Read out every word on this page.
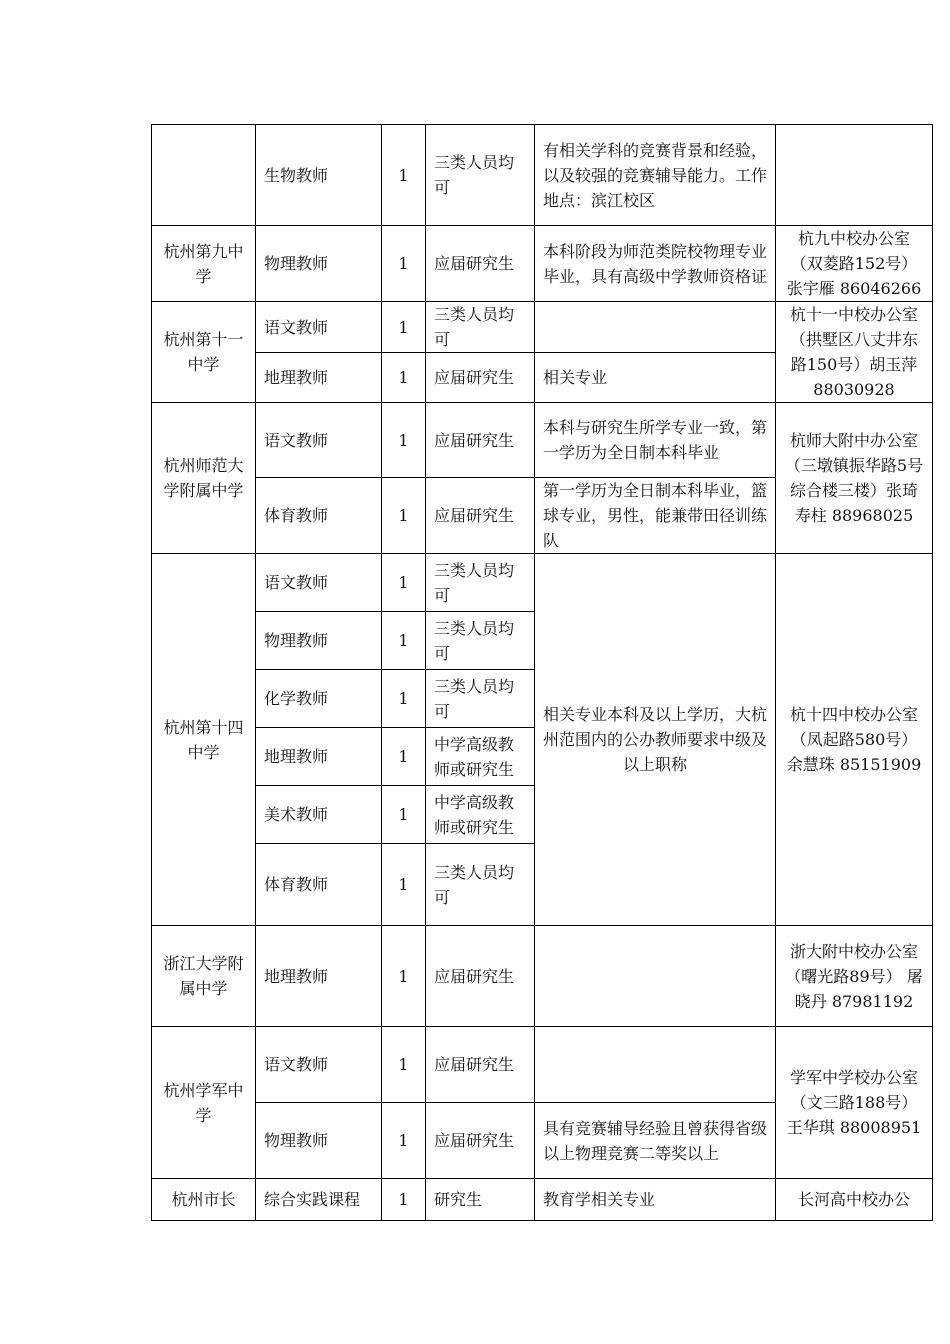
	生物教师	1	三类人员均可	有相关学科的竞赛背景和经验，以及较强的竞赛辅导能力。工作地点：滨江校区	
杭州第九中学	物理教师	1	应届研究生	本科阶段为师范类院校物理专业毕业，具有高级中学教师资格证	杭九中校办公室（双菱路152号）张宇雁 86046266
杭州第十一中学	语文教师	1	三类人员均可		杭十一中校办公室（拱墅区八丈井东路150号）胡玉萍 88030928
	地理教师	1	应届研究生	相关专业	
杭州师范大学附属中学	语文教师	1	应届研究生	本科与研究生所学专业一致，第一学历为全日制本科毕业	杭师大附中办公室（三墩镇振华路5号综合楼三楼）张琦 寿柱 88968025
	体育教师	1	应届研究生	第一学历为全日制本科毕业，篮球专业，男性，能兼带田径训练队	
杭州第十四中学	语文教师	1	三类人员均可	相关专业本科及以上学历，大杭州范围内的公办教师要求中级及以上职称	杭十四中校办公室（凤起路580号） 余慧珠 85151909
	物理教师	1	三类人员均可		
	化学教师	1	三类人员均可		
	地理教师	1	中学高级教师或研究生		
	美术教师	1	中学高级教师或研究生		
	体育教师	1	三类人员均可		
浙江大学附属中学	地理教师	1	应届研究生		浙大附中校办公室（曙光路89号） 屠晓丹 87981192
杭州学军中学	语文教师	1	应届研究生		学军中学校办公室（文三路188号） 王华琪 88008951
	物理教师	1	应届研究生	具有竞赛辅导经验且曾获得省级以上物理竞赛二等奖以上	
杭州市长	综合实践课程	1	研究生	教育学相关专业	长河高中校办公
